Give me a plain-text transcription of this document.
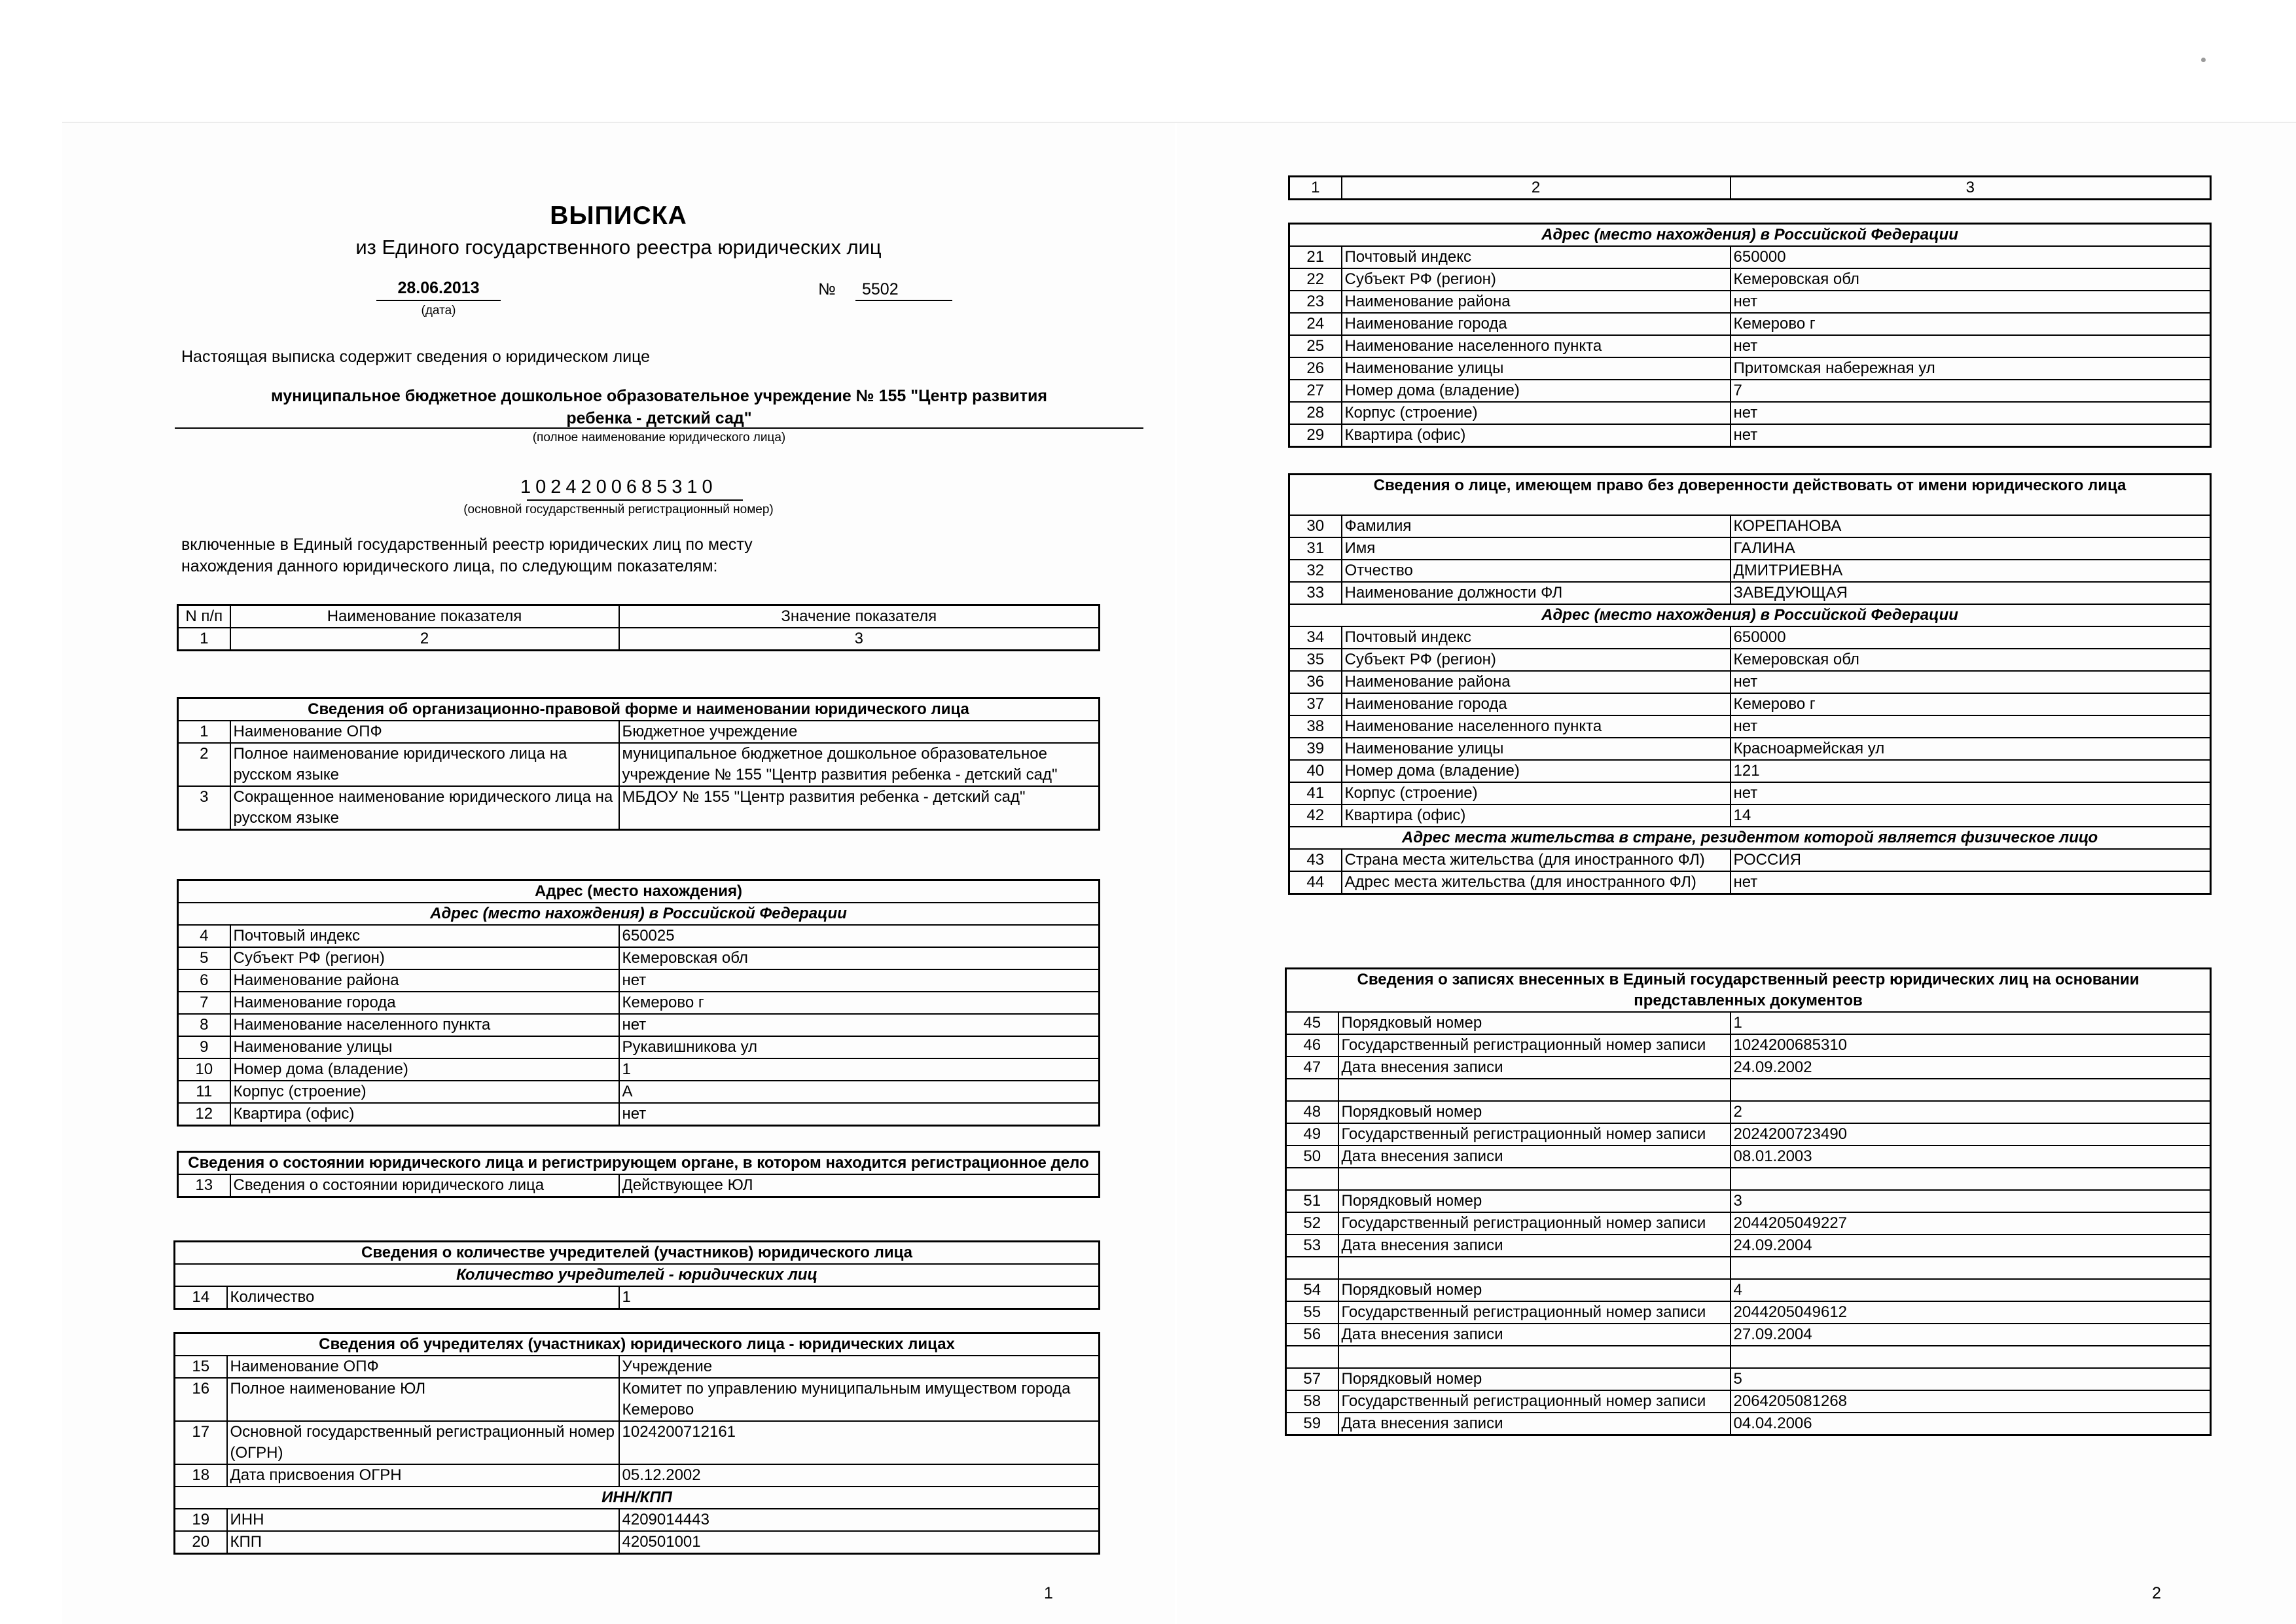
ВЫПИСКА
из Единого государственного реестра юридических лиц
28.06.2013
(дата)
№ 5502
Настоящая выписка содержит сведения о юридическом лице
муниципальное бюджетное дошкольное образовательное учреждение № 155 "Центр развития
ребенка - детский сад"
(полное наименование юридического лица)
1024200685310
(основной государственный регистрационный номер)
включенные в Единый государственный реестр юридических лиц по месту
нахождения данного юридического лица, по следующим показателям:
N п/п	Наименование показателя	Значение показателя
1	2	3
Сведения об организационно-правовой форме и наименовании юридического лица		
1	Наименование ОПФ	Бюджетное учреждение
2	Полное наименование юридического лица на русском языке	муниципальное бюджетное дошкольное образовательное учреждение № 155 "Центр развития ребенка - детский сад"
3	Сокращенное наименование юридического лица на русском языке	МБДОУ № 155 "Центр развития ребенка - детский сад"
Адрес (место нахождения)		
Адрес (место нахождения) в Российской Федерации		
4	Почтовый индекс	650025
5	Субъект РФ (регион)	Кемеровская обл
6	Наименование района	нет
7	Наименование города	Кемерово г
8	Наименование населенного пункта	нет
9	Наименование улицы	Рукавишникова ул
10	Номер дома (владение)	1
11	Корпус (строение)	А
12	Квартира (офис)	нет
Сведения о состоянии юридического лица и регистрирующем органе, в котором находится регистрационное дело
13	Сведения о состоянии юридического лица	Действующее ЮЛ
Сведения о количестве учредителей (участников) юридического лица
Количество учредителей - юридических лиц
14	Количество	1
Сведения об учредителях (участниках) юридического лица - юридических лицах		
15	Наименование ОПФ	Учреждение
16	Полное наименование ЮЛ	Комитет по управлению муниципальным имуществом города Кемерово
17	Основной государственный регистрационный номер (ОГРН)	1024200712161
18	Дата присвоения ОГРН	05.12.2002
ИНН/КПП		
19	ИНН	4209014443
20	КПП	420501001
1
1	2	3
Адрес (место нахождения) в Российской Федерации		
21	Почтовый индекс	650000
22	Субъект РФ (регион)	Кемеровская обл
23	Наименование района	нет
24	Наименование города	Кемерово г
25	Наименование населенного пункта	нет
26	Наименование улицы	Притомская набережная ул
27	Номер дома (владение)	7
28	Корпус (строение)	нет
29	Квартира (офис)	нет
Сведения о лице, имеющем право без доверенности действовать от имени юридического лица		
30	Фамилия	КОРЕПАНОВА
31	Имя	ГАЛИНА
32	Отчество	ДМИТРИЕВНА
33	Наименование должности ФЛ	ЗАВЕДУЮЩАЯ
Адрес (место нахождения) в Российской Федерации		
34	Почтовый индекс	650000
35	Субъект РФ (регион)	Кемеровская обл
36	Наименование района	нет
37	Наименование города	Кемерово г
38	Наименование населенного пункта	нет
39	Наименование улицы	Красноармейская ул
40	Номер дома (владение)	121
41	Корпус (строение)	нет
42	Квартира (офис)	14
Адрес места жительства в стране, резидентом которой является физическое лицо		
43	Страна места жительства (для иностранного ФЛ)	РОССИЯ
44	Адрес места жительства (для иностранного ФЛ)	нет
Сведения о записях внесенных в Единый государственный реестр юридических лиц на основании представленных документов		
45	Порядковый номер	1
46	Государственный регистрационный номер записи	1024200685310
47	Дата внесения записи	24.09.2002

48	Порядковый номер	2
49	Государственный регистрационный номер записи	2024200723490
50	Дата внесения записи	08.01.2003

51	Порядковый номер	3
52	Государственный регистрационный номер записи	2044205049227
53	Дата внесения записи	24.09.2004

54	Порядковый номер	4
55	Государственный регистрационный номер записи	2044205049612
56	Дата внесения записи	27.09.2004

57	Порядковый номер	5
58	Государственный регистрационный номер записи	2064205081268
59	Дата внесения записи	04.04.2006
2
